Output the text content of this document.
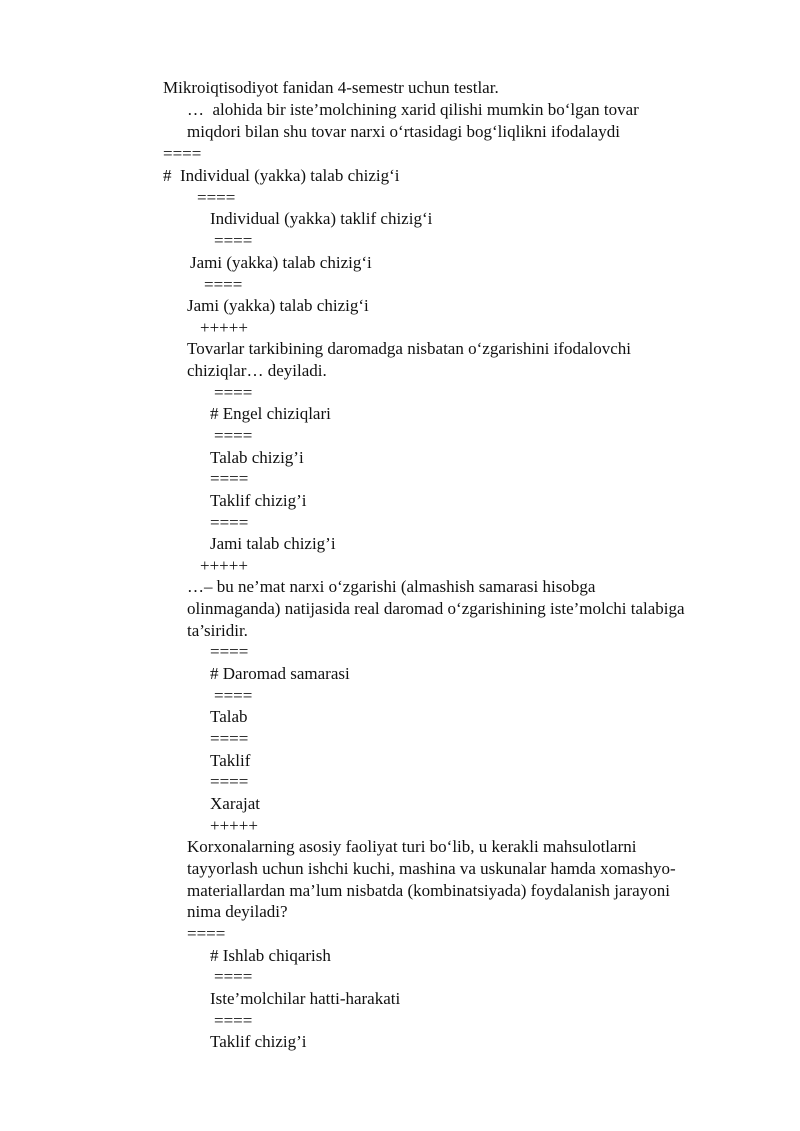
Mikroiqtisodiyot fanidan 4-semestr uchun testlar.

…  alohida bir iste’molchining xarid qilishi mumkin bo‘lgan tovar

miqdori bilan shu tovar narxi o‘rtasidagi bog‘liqlikni ifodalaydi

====

#  Individual (yakka) talab chizig‘i

====

Individual (yakka) taklif chizig‘i

====

Jami (yakka) talab chizig‘i

====

Jami (yakka) talab chizig‘i

+++++

Tovarlar tarkibining daromadga nisbatan o‘zgarishini ifodalovchi

chiziqlar… deyiladi.

====

# Engel chiziqlari

====

Talab chizig’i

====

Taklif chizig’i

====

Jami talab chizig’i

+++++

…– bu ne’mat narxi o‘zgarishi (almashish samarasi hisobga

olinmaganda) natijasida real daromad o‘zgarishining iste’molchi talabiga

ta’siridir.

====

# Daromad samarasi

====

Talab

====

Taklif

====

Xarajat

+++++

Korxonalarning asosiy faoliyat turi bo‘lib, u kerakli mahsulotlarni

tayyorlash uchun ishchi kuchi, mashina va uskunalar hamda xomashyo-

materiallardan ma’lum nisbatda (kombinatsiyada) foydalanish jarayoni

nima deyiladi?

====

# Ishlab chiqarish

====

Iste’molchilar hatti-harakati

====

Taklif chizig’i
